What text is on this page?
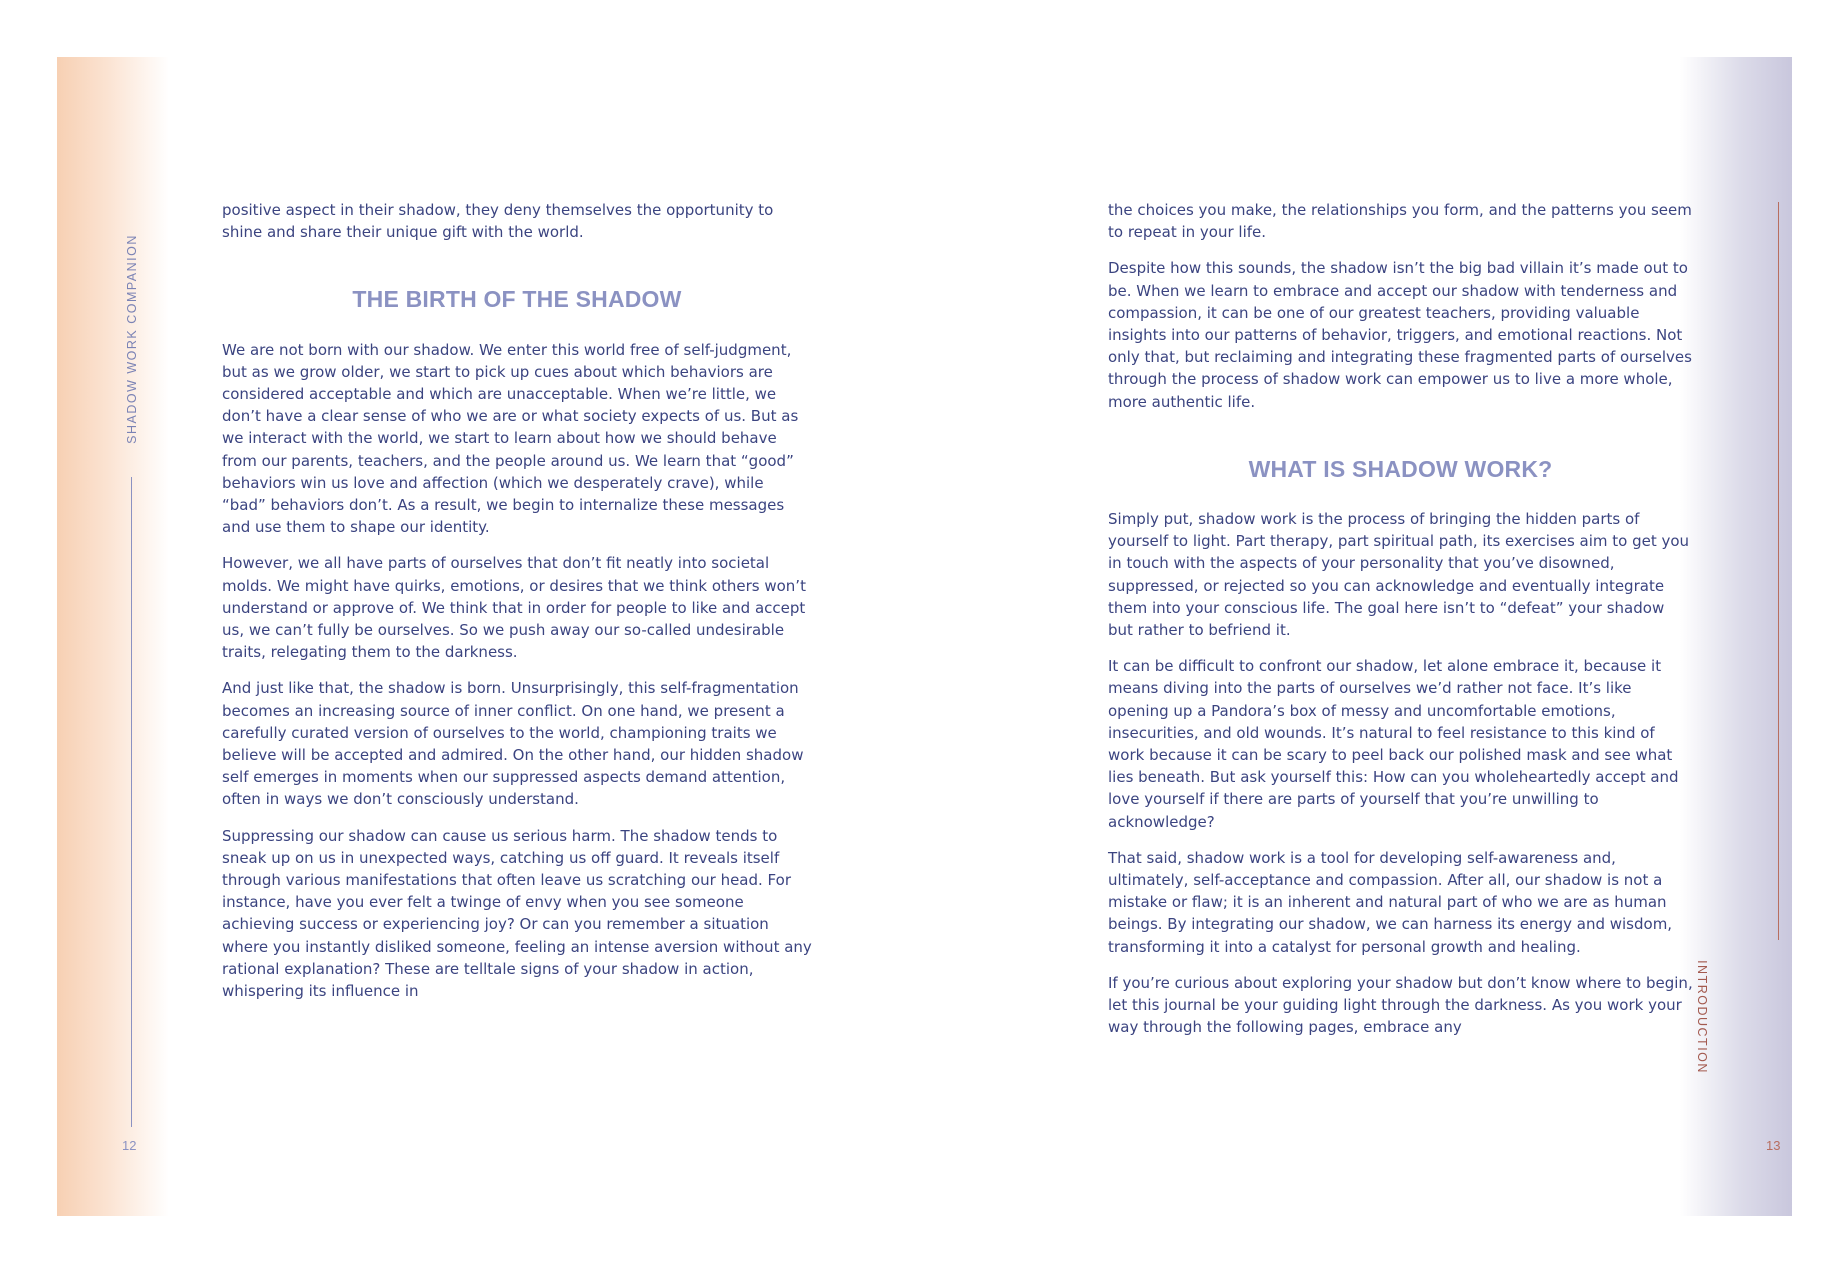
SHADOW WORK COMPANION
12

positive aspect in their shadow, they deny themselves the opportunity to shine and share their unique gift with the world.

THE BIRTH OF THE SHADOW

We are not born with our shadow. We enter this world free of self-judgment, but as we grow older, we start to pick up cues about which behaviors are considered acceptable and which are unacceptable. When we’re little, we don’t have a clear sense of who we are or what society expects of us. But as we interact with the world, we start to learn about how we should behave from our parents, teachers, and the people around us. We learn that “good” behaviors win us love and affection (which we desperately crave), while “bad” behaviors don’t. As a result, we begin to internalize these messages and use them to shape our identity.

However, we all have parts of ourselves that don’t fit neatly into societal molds. We might have quirks, emotions, or desires that we think others won’t understand or approve of. We think that in order for people to like and accept us, we can’t fully be ourselves. So we push away our so-called undesirable traits, relegating them to the darkness.

And just like that, the shadow is born. Unsurprisingly, this self-fragmentation becomes an increasing source of inner conflict. On one hand, we present a carefully curated version of ourselves to the world, championing traits we believe will be accepted and admired. On the other hand, our hidden shadow self emerges in moments when our suppressed aspects demand attention, often in ways we don’t consciously understand.

Suppressing our shadow can cause us serious harm. The shadow tends to sneak up on us in unexpected ways, catching us off guard. It reveals itself through various manifestations that often leave us scratching our head. For instance, have you ever felt a twinge of envy when you see someone achieving success or experiencing joy? Or can you remember a situation where you instantly disliked someone, feeling an intense aversion without any rational explanation? These are telltale signs of your shadow in action, whispering its influence in	INTRODUCTION
13

the choices you make, the relationships you form, and the patterns you seem to repeat in your life.

Despite how this sounds, the shadow isn’t the big bad villain it’s made out to be. When we learn to embrace and accept our shadow with tenderness and compassion, it can be one of our greatest teachers, providing valuable insights into our patterns of behavior, triggers, and emotional reactions. Not only that, but reclaiming and integrating these fragmented parts of ourselves through the process of shadow work can empower us to live a more whole, more authentic life.

WHAT IS SHADOW WORK?

Simply put, shadow work is the process of bringing the hidden parts of yourself to light. Part therapy, part spiritual path, its exercises aim to get you in touch with the aspects of your personality that you’ve disowned, suppressed, or rejected so you can acknowledge and eventually integrate them into your conscious life. The goal here isn’t to “defeat” your shadow but rather to befriend it.

It can be difficult to confront our shadow, let alone embrace it, because it means diving into the parts of ourselves we’d rather not face. It’s like opening up a Pandora’s box of messy and uncomfortable emotions, insecurities, and old wounds. It’s natural to feel resistance to this kind of work because it can be scary to peel back our polished mask and see what lies beneath. But ask yourself this: How can you wholeheartedly accept and love yourself if there are parts of yourself that you’re unwilling to acknowledge?

That said, shadow work is a tool for developing self-awareness and, ultimately, self-acceptance and compassion. After all, our shadow is not a mistake or flaw; it is an inherent and natural part of who we are as human beings. By integrating our shadow, we can harness its energy and wisdom, transforming it into a catalyst for personal growth and healing.

If you’re curious about exploring your shadow but don’t know where to begin, let this journal be your guiding light through the darkness. As you work your way through the following pages, embrace any
